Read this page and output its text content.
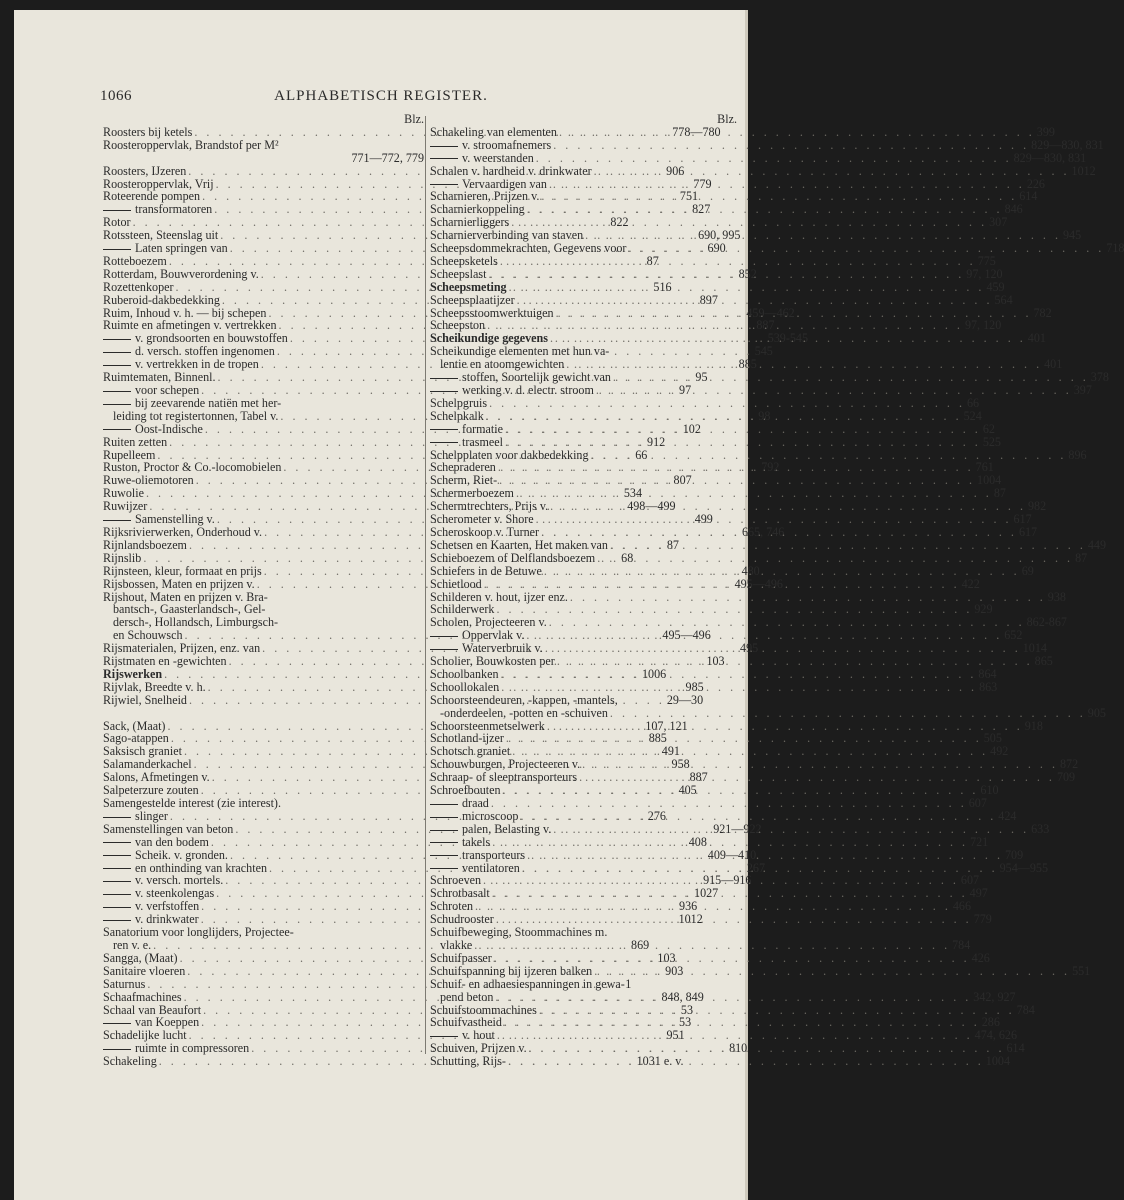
1066	ALPHABETISCH REGISTER.
Blz.
Roosters bij ketels . . .	778—780
Roosteroppervlak, Brandstof per M²
771—772, 779
Roosters, IJzeren . . .	906
Roosteroppervlak, Vrij . . .	779
Roteerende pompen . . .	751
transformatoren . . .	827
Rotor . . .	822
Rotssteen, Steenslag uit . . .	690, 995
Laten springen van . . .	690
Rotteboezem . . .	87
Rotterdam, Bouwverordening v. . . .	852
Rozettenkoper . . .	516
Ruberoid-dakbedekking . . .	897
Ruim, Inhoud v. h. — bij schepen . . .	459—462
Ruimte en afmetingen v. vertrekken . . .	887
v. grondsoorten en bouwstoffen . . .	539-545
d. versch. stoffen ingenomen . . .	545
v. vertrekken in de tropen . . .	885
Ruimtematen, Binnenl. . . .	95
voor schepen . . .	97
bij zeevarende natiën met her-
leiding tot registertonnen, Tabel v. . . .	98
Oost-Indische . . .	102
Ruiten zetten . . .	912
Rupelleem . . .	66
Ruston, Proctor & Co.-locomobielen . . .	792
Ruwe-oliemotoren . . .	807
Ruwolie . . .	534
Ruwijzer . . .	498—499
Samenstelling v. . . .	499
Rijksrivierwerken, Onderhoud v. . . .	665, 746
Rijnlandsboezem . . .	87
Rijnslib . . .	68
Rijnsteen, kleur, formaat en prijs . . .	480
Rijsbossen, Maten en prijzen v. . . .	495—496
Rijshout, Maten en prijzen v. Bra-
bantsch-, Gaasterlandsch-, Gel-
dersch-, Hollandsch, Limburgsch-
en Schouwsch . . .	495—496
Rijsmaterialen, Prijzen, enz. van . . .	495
Rijstmaten en -gewichten . . .	103
Rijswerken . . .	1006
Rijvlak, Breedte v. h. . . .	985
Rijwiel, Snelheid . . .	29—30
Sack, (Maat) . . .	107, 121
Sago-atappen . . .	885
Saksisch graniet . . .	491
Salamanderkachel . . .	958
Salons, Afmetingen v. . . .	887
Salpeterzure zouten . . .	405
Samengestelde interest (zie interest).
slinger . . .	276
Samenstellingen van beton . . .	921—922
van den bodem . . .	408
Scheik. v. gronden. . . .	409—410
en onthinding van krachten . . .	267
v. versch. mortels. . . .	915—916
v. steenkolengas . . .	1027
v. verfstoffen . . .	936
v. drinkwater . . .	1012
Sanatorium voor longlijders, Projectee-
ren v. e. . . .	869
Sangga, (Maat) . . .	103
Sanitaire vloeren . . .	903
Saturnus . . .	1
Schaafmachines . . .	848, 849
Schaal van Beaufort . . .	53
van Koeppen . . .	53
Schadelijke lucht . . .	951
ruimte in compressoren . . .	810
Schakeling . . .	1031 e. v.
Blz.
Schakeling van elementen . . .	399
v. stroomafnemers . . .	829—830, 831
v. weerstanden . . .	829—830, 831
Schalen v. hardheid v. drinkwater . . .	1012
Vervaardigen van . . .	226
Scharnieren, Prijzen v. . . .	614
Scharnierkoppeling . . .	846
Scharnierliggers . . .	307
Scharnierverbinding van staven . . .	945
Scheepsdommekrachten, Gegevens voor . . .	718
Scheepsketels . . .	775
Scheepslast . . .	97, 120
Scheepsmeting . . .	459
Scheepsplaatijzer . . .	564
Scheepsstoomwerktuigen . . .	782
Scheepston . . .	97, 120
Scheikundige gegevens . . .	401
Scheikundige elementen met hun va-
lentie en atoomgewichten . . .	401
stoffen, Soortelijk gewicht van . . .	378
werking v. d. electr. stroom . . .	397
Schelpgruis . . .	66
Schelpkalk . . .	524
formatie . . .	62
trasmeel . . .	525
Schelpplaten voor dakbedekking . . .	896
Schepraderen . . .	761
Scherm, Riet- . . .	1004
Schermerboezem . . .	87
Schermtrechters, Prijs v. . . .	982
Scherometer v. Shore . . .	617
Scheroskoop v. Turner . . .	617
Schetsen en Kaarten, Het maken van . . .	449
Schieboezem of Delflandsboezem . . .	87
Schiefers in de Betuwe . . .	69
Schietlood . . .	422
Schilderen v. hout, ijzer enz. . . .	938
Schilderwerk . . .	929
Scholen, Projecteeren v. . . .	862-867
Oppervlak v. . . .	652
Waterverbruik v. . . .	1014
Scholier, Bouwkosten per . . .	865
Schoolbanken . . .	864
Schoollokalen . . .	863
Schoorsteendeuren, -kappen, -mantels,
-onderdeelen, -potten en -schuiven . . .	905
Schoorsteenmetselwerk . . .	918
Schotland-ijzer . . .	505
Schotsch graniet . . .	492
Schouwburgen, Projecteeren v. . . .	872
Schraap- of sleeptransporteurs . . .	709
Schroefbouten . . .	610
draad . . .	607
microscoop . . .	424
palen, Belasting v. . . .	633
takels . . .	721
transporteurs . . .	709
ventilatoren . . .	954—955
Schroeven . . .	607
Schrotbasalt . . .	497
Schroten . . .	466
Schudrooster . . .	779
Schuifbeweging, Stoommachines m.
vlakke . . .	784
Schuifpasser . . .	426
Schuifspanning bij ijzeren balken . . .	551
Schuif- en adhaesiespanningen in gewa-
pend beton . . .	342, 927
Schuifstoommachines . . .	784
Schuifvastheid . . .	286
v. hout . . .	474, 626
Schuiven, Prijzen v. . . .	614
Schutting, Rijs- . . .	1004
